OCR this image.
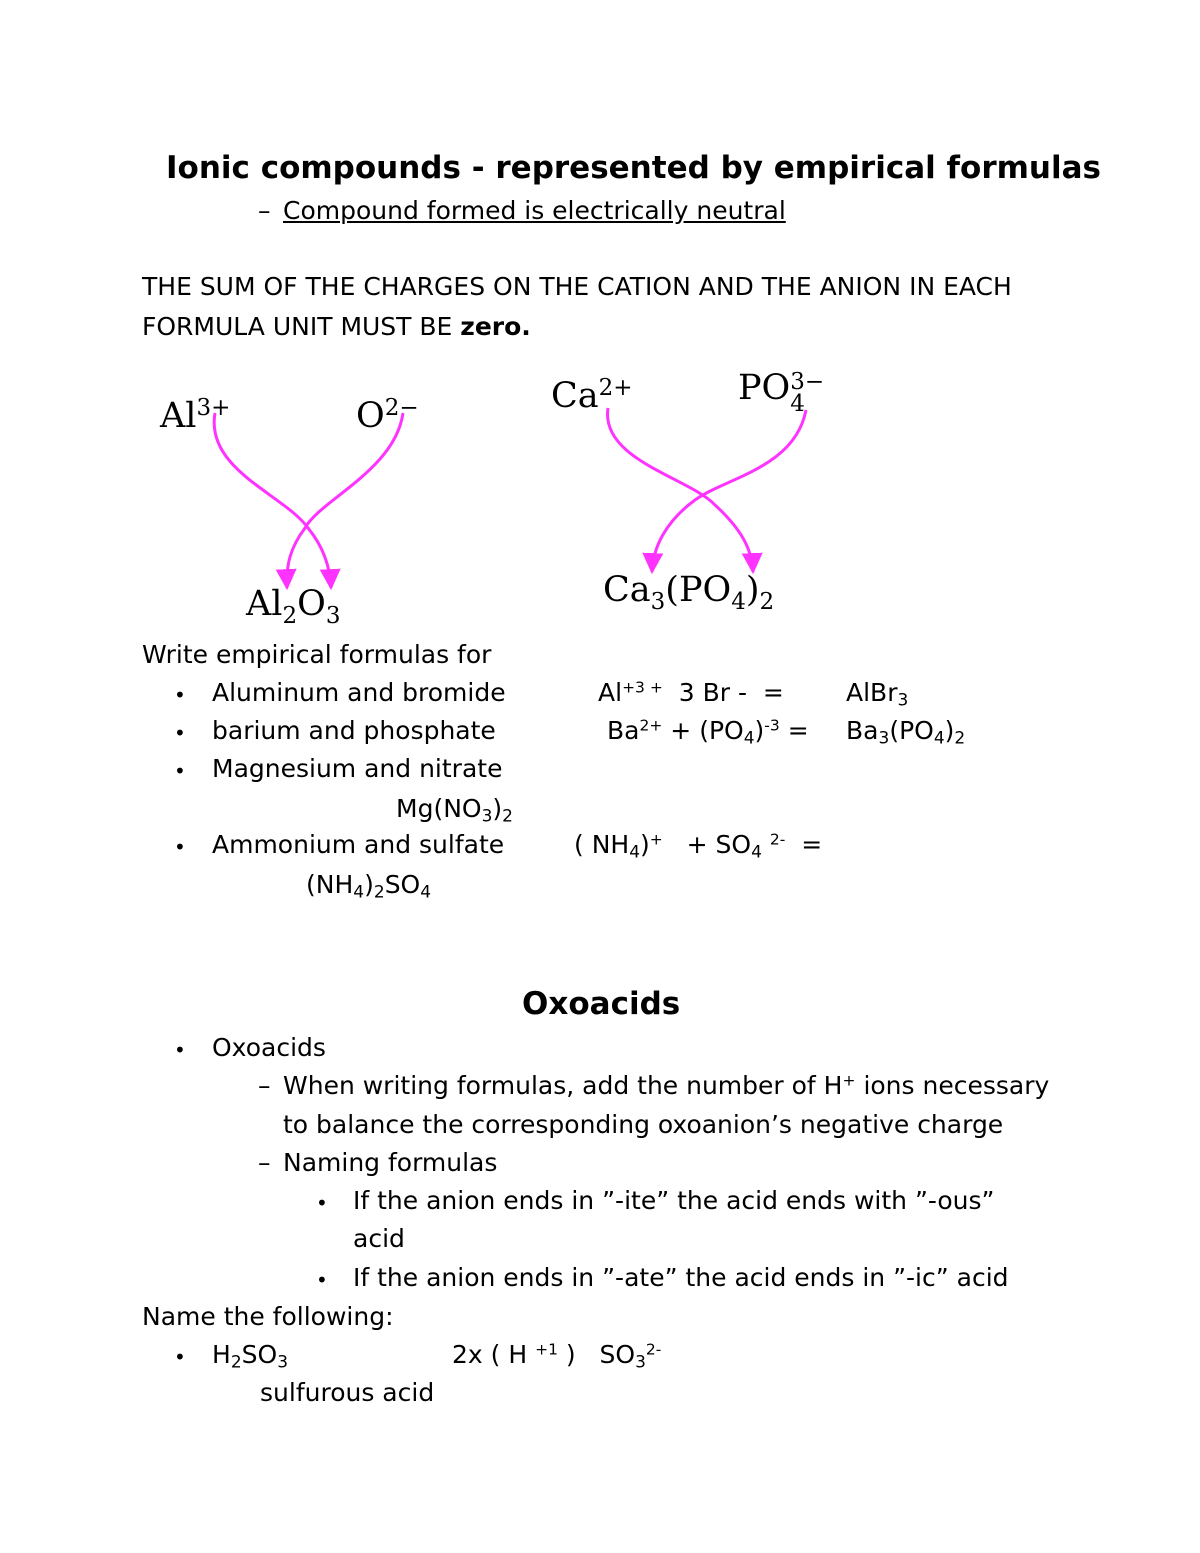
Ionic compounds - represented by empirical formulas
– Compound formed is electrically neutral
THE SUM OF THE CHARGES ON THE CATION AND THE ANION IN EACH
FORMULA UNIT MUST BE zero.
$Al^{3+}$	$O^{2-}$
$Al_2O_3$
$Ca^{2+}$	PO 3−
4
$Ca_3(PO_4)_2$
Write empirical formulas for
• Aluminum and bromide	$Al^{+3 +}$ 3 Br - = AlBr$_3$
• barium and phosphate	$Ba^{2+} + (PO_4)^{-3} = Ba_3(PO_4)_2$
• Magnesium and nitrate
$Mg(NO_3)_2$
• Ammonium and sulfate	( $NH_4)^+ + SO_4$ $^{2-}$ =
$(NH_4)_2SO_4$
Oxoacids
• Oxoacids
– When writing formulas, add the number of H+ ions necessary
to balance the corresponding oxoanion’s negative charge
– Naming formulas
• If the anion ends in ”-ite” the acid ends with ”-ous”
acid
• If the anion ends in ”-ate” the acid ends in ”-ic” acid
Name the following:
• $H_2SO_3$	2x ( H $^{+1}$ ) $SO_3^{2-}$
sulfurous acid
